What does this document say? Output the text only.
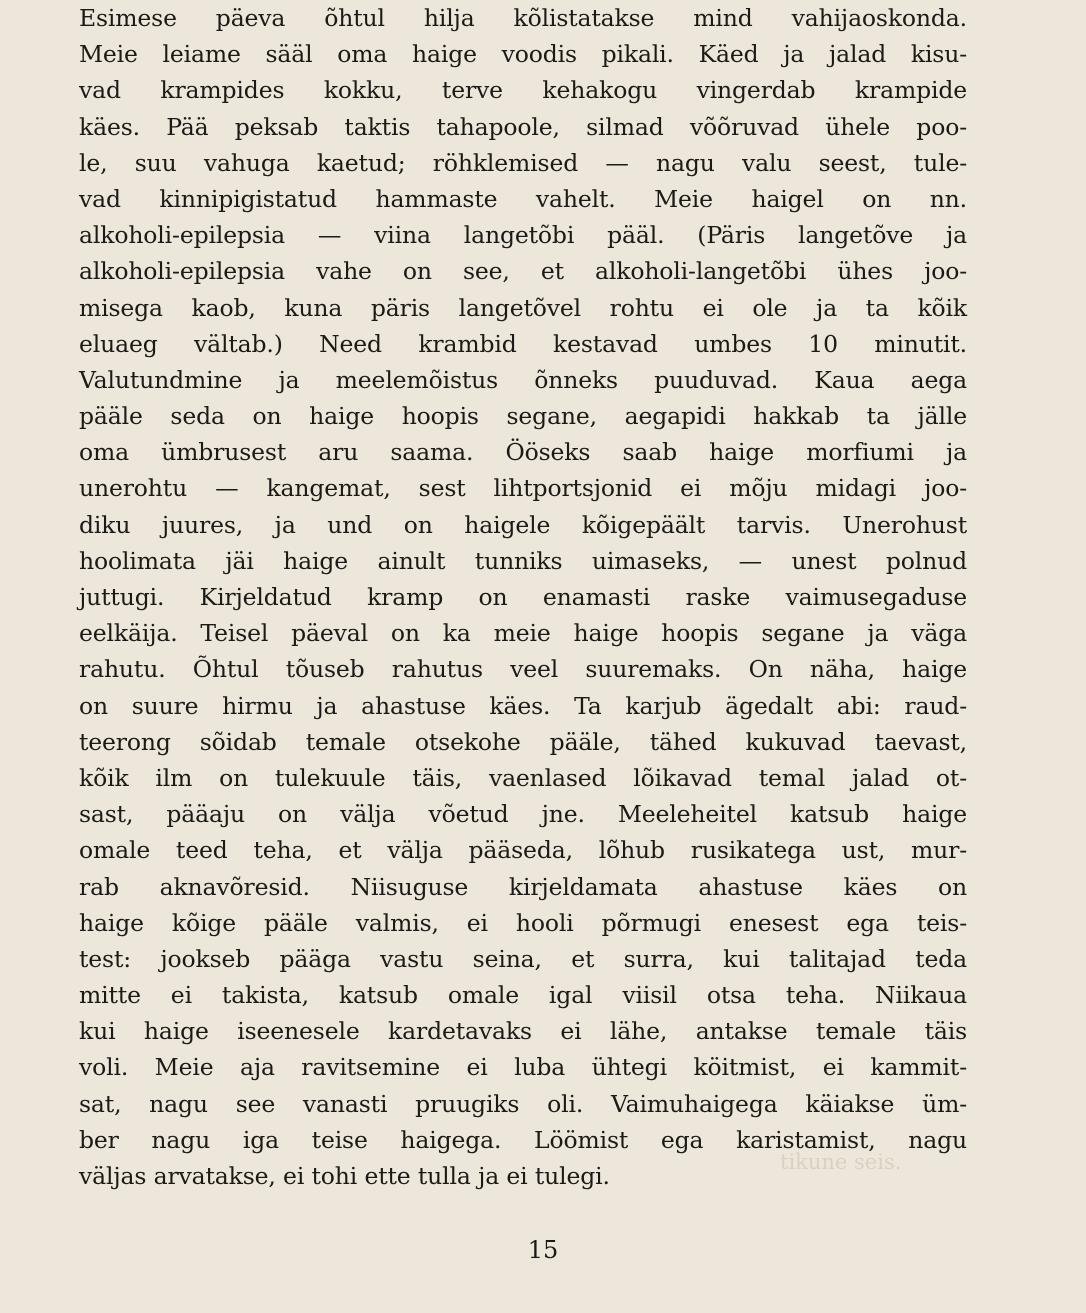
tikune seis.
Esimese päeva õhtul hilja kõlistatakse mind vahijaoskonda.
Meie leiame sääl oma haige voodis pikali. Käed ja jalad kisu-
vad krampides kokku, terve kehakogu vingerdab krampide
käes. Pää peksab taktis tahapoole, silmad võõruvad ühele poo-
le, suu vahuga kaetud; röhklemised — nagu valu seest, tule-
vad kinnipigistatud hammaste vahelt. Meie haigel on nn.
alkoholi-epilepsia — viina langetõbi pääl. (Päris langetõve ja
alkoholi-epilepsia vahe on see, et alkoholi-langetõbi ühes joo-
misega kaob, kuna päris langetõvel rohtu ei ole ja ta kõik
eluaeg vältab.) Need krambid kestavad umbes 10 minutit.
Valutundmine ja meelemõistus õnneks puuduvad. Kaua aega
pääle seda on haige hoopis segane, aegapidi hakkab ta jälle
oma ümbrusest aru saama. Ööseks saab haige morfiumi ja
unerohtu — kangemat, sest lihtportsjonid ei mõju midagi joo-
diku juures, ja und on haigele kõigepäält tarvis. Unerohust
hoolimata jäi haige ainult tunniks uimaseks, — unest polnud
juttugi. Kirjeldatud kramp on enamasti raske vaimusegaduse
eelkäija. Teisel päeval on ka meie haige hoopis segane ja väga
rahutu. Õhtul tõuseb rahutus veel suuremaks. On näha, haige
on suure hirmu ja ahastuse käes. Ta karjub ägedalt abi: raud-
teerong sõidab temale otsekohe pääle, tähed kukuvad taevast,
kõik ilm on tulekuule täis, vaenlased lõikavad temal jalad ot-
sast, pääaju on välja võetud jne. Meeleheitel katsub haige
omale teed teha, et välja pääseda, lõhub rusikatega ust, mur-
rab aknavõresid. Niisuguse kirjeldamata ahastuse käes on
haige kõige pääle valmis, ei hooli põrmugi enesest ega teis-
test: jookseb päägа vastu seina, et surra, kui talitajad teda
mitte ei takista, katsub omale igal viisil otsa teha. Niikaua
kui haige iseenesele kardetavaks ei lähe, antakse temale täis
voli. Meie aja ravitsemine ei luba ühtegi köitmist, ei kammit-
sat, nagu see vanasti pruugiks oli. Vaimuhaigega käiakse üm-
ber nagu iga teise haigega. Löömist ega karistamist, nagu
väljas arvatakse, ei tohi ette tulla ja ei tulegi.
15
